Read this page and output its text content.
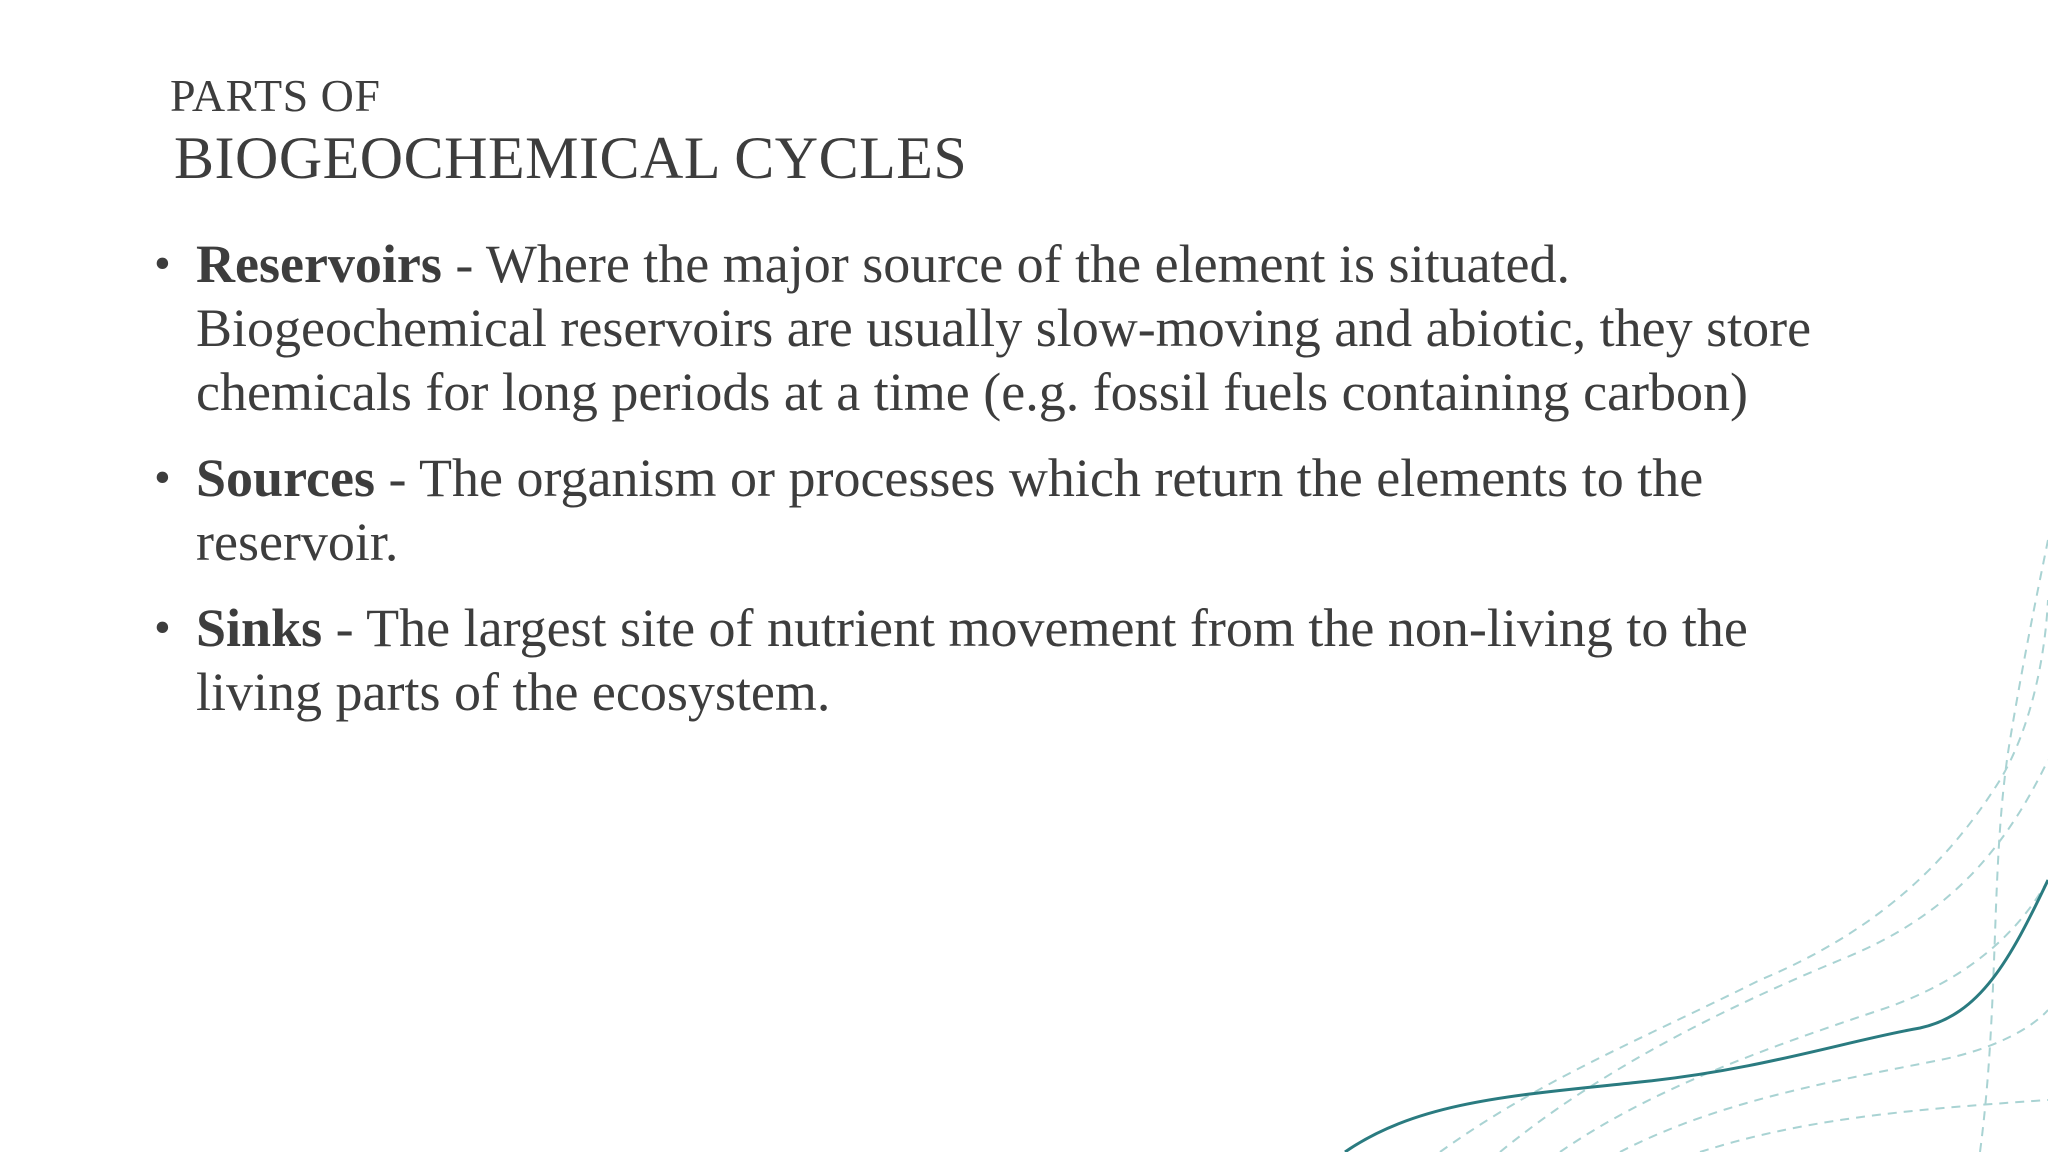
PARTS OF
BIOGEOCHEMICAL CYCLES
• Reservoirs - Where the major source of the element is situated. Biogeochemical reservoirs are usually slow-moving and abiotic, they store chemicals for long periods at a time (e.g. fossil fuels containing carbon)
• Sources - The organism or processes which return the elements to the reservoir.
• Sinks - The largest site of nutrient movement from the non-living to the living parts of the ecosystem.
